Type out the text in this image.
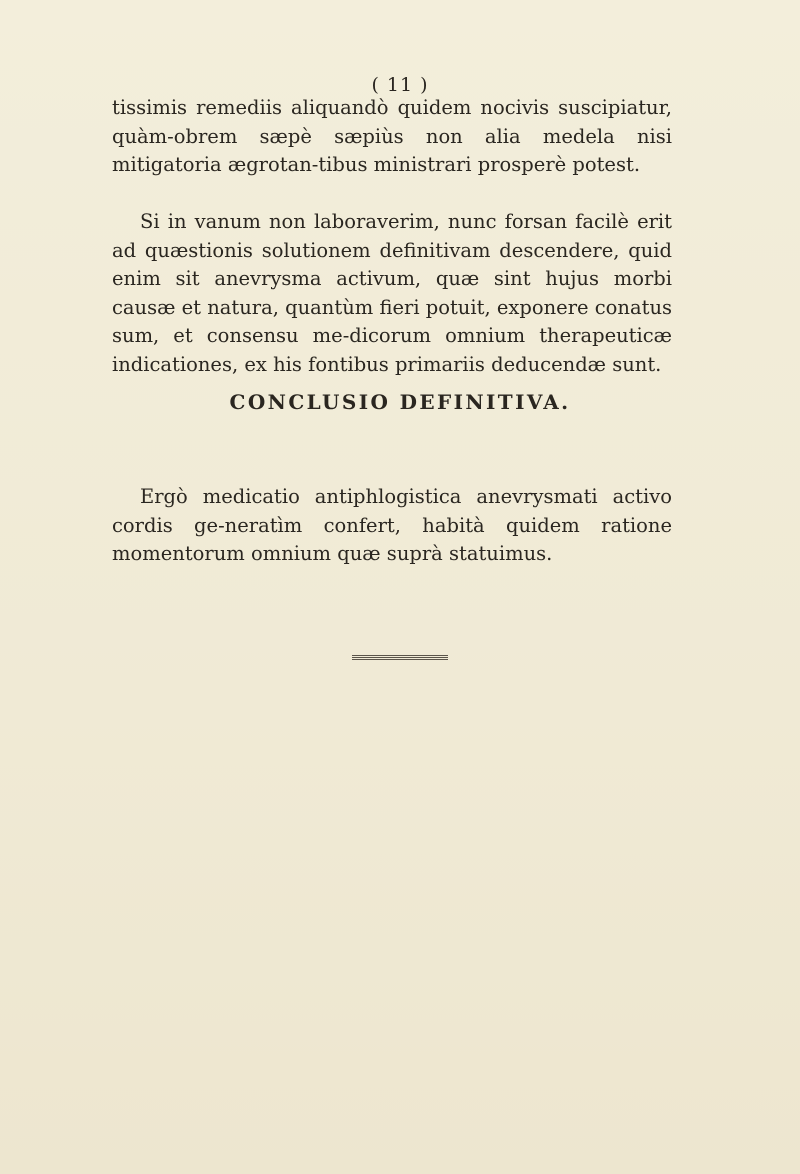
( 11 )

tissimis remediis aliquandò quidem nocivis suscipiatur, quàm-obrem sæpè sæpiùs non alia medela nisi mitigatoria ægrotan-tibus ministrari prosperè potest.

Si in vanum non laboraverim, nunc forsan facilè erit ad quæstionis solutionem definitivam descendere, quid enim sit anevrysma activum, quæ sint hujus morbi causæ et natura, quantùm fieri potuit, exponere conatus sum, et consensu me-dicorum omnium therapeuticæ indicationes, ex his fontibus primariis deducendæ sunt.

CONCLUSIO DEFINITIVA.

Ergò medicatio antiphlogistica anevrysmati activo cordis ge-neratìm confert, habità quidem ratione momentorum omnium quæ suprà statuimus.
